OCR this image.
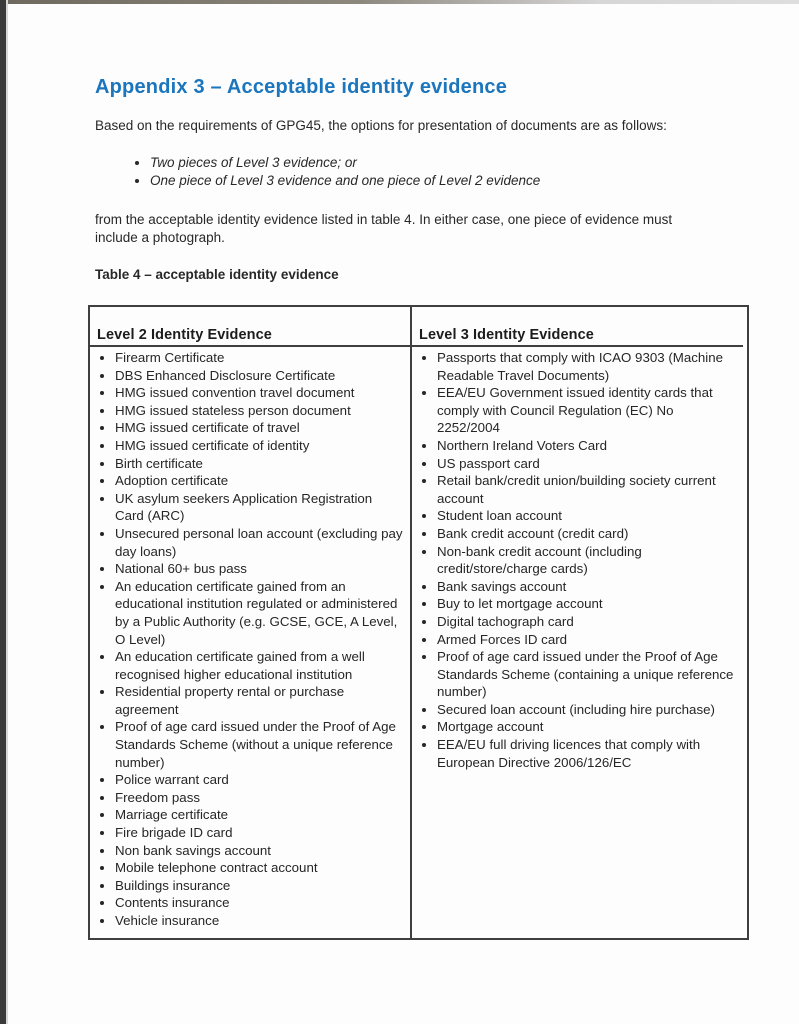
Appendix 3 – Acceptable identity evidence

Based on the requirements of GPG45, the options for presentation of documents are as follows:

• Two pieces of Level 3 evidence; or
• One piece of Level 3 evidence and one piece of Level 2 evidence

from the acceptable identity evidence listed in table 4. In either case, one piece of evidence must include a photograph.

Table 4 – acceptable identity evidence

Level 2 Identity Evidence	Level 3 Identity Evidence
• Firearm Certificate
• DBS Enhanced Disclosure Certificate
• HMG issued convention travel document
• HMG issued stateless person document
• HMG issued certificate of travel
• HMG issued certificate of identity
• Birth certificate
• Adoption certificate
• UK asylum seekers Application Registration Card (ARC)
• Unsecured personal loan account (excluding pay day loans)
• National 60+ bus pass
• An education certificate gained from an educational institution regulated or administered by a Public Authority (e.g. GCSE, GCE, A Level, O Level)
• An education certificate gained from a well recognised higher educational institution
• Residential property rental or purchase agreement
• Proof of age card issued under the Proof of Age Standards Scheme (without a unique reference number)
• Police warrant card
• Freedom pass
• Marriage certificate
• Fire brigade ID card
• Non bank savings account
• Mobile telephone contract account
• Buildings insurance
• Contents insurance
• Vehicle insurance
• Passports that comply with ICAO 9303 (Machine Readable Travel Documents)
• EEA/EU Government issued identity cards that comply with Council Regulation (EC) No 2252/2004
• Northern Ireland Voters Card
• US passport card
• Retail bank/credit union/building society current account
• Student loan account
• Bank credit account (credit card)
• Non-bank credit account (including credit/store/charge cards)
• Bank savings account
• Buy to let mortgage account
• Digital tachograph card
• Armed Forces ID card
• Proof of age card issued under the Proof of Age Standards Scheme (containing a unique reference number)
• Secured loan account (including hire purchase)
• Mortgage account
• EEA/EU full driving licences that comply with European Directive 2006/126/EC
